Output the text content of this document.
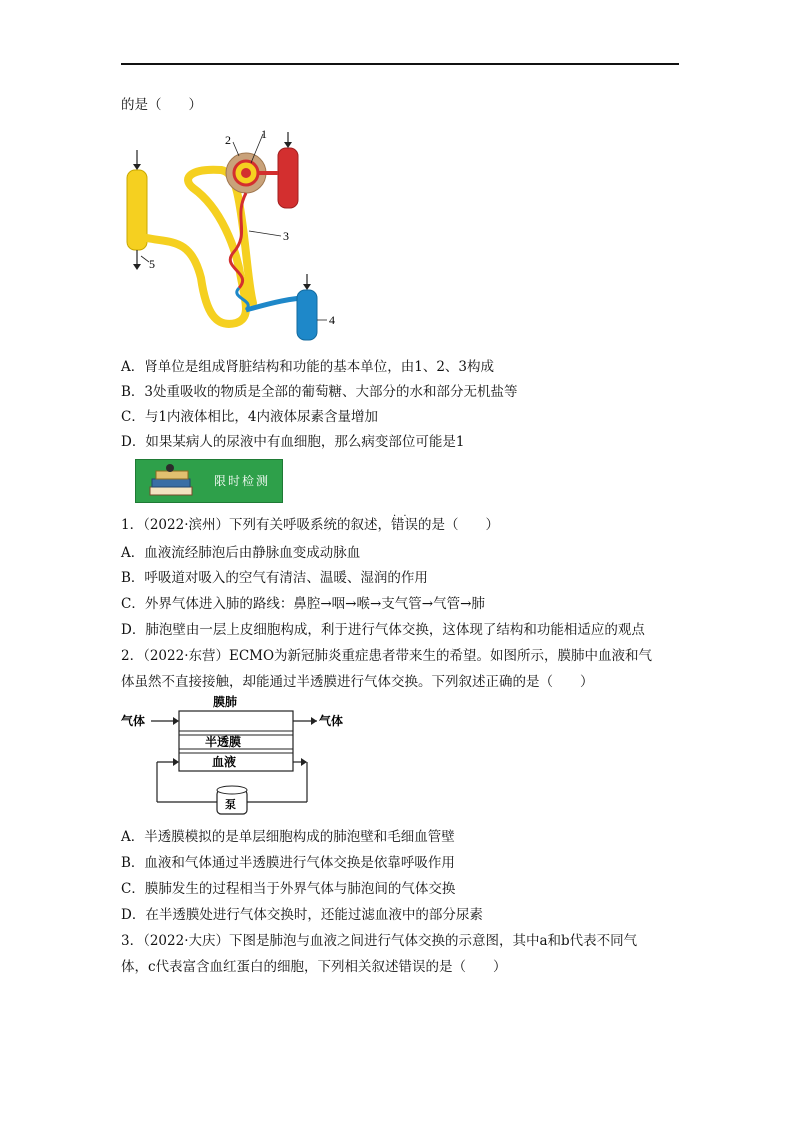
的是（　　）
1
2
3
4
5
A．肾单位是组成肾脏结构和功能的基本单位，由1、2、3构成
B．3处重吸收的物质是全部的葡萄糖、大部分的水和部分无机盐等
C．与1内液体相比，4内液体尿素含量增加
D．如果某病人的尿液中有血细胞，那么病变部位可能是1
限时检测
1．（2022·滨州）下列有关呼吸系统的叙述，· · 错误的是（　　）
A．血液流经肺泡后由静脉血变成动脉血
B．呼吸道对吸入的空气有清洁、温暖、湿润的作用
C．外界气体进入肺的路线：鼻腔→咽→喉→支气管→气管→肺
D．肺泡壁由一层上皮细胞构成，利于进行气体交换，这体现了结构和功能相适应的观点
2．（2022·东营）ECMO为新冠肺炎重症患者带来生的希望。如图所示，膜肺中血液和气
体虽然不直接接触，却能通过半透膜进行气体交换。下列叙述正确的是（　　）
膜肺
气体	气体
半透膜
血液
泵
A．半透膜模拟的是单层细胞构成的肺泡壁和毛细血管壁
B．血液和气体通过半透膜进行气体交换是依靠呼吸作用
C．膜肺发生的过程相当于外界气体与肺泡间的气体交换
D．在半透膜处进行气体交换时，还能过滤血液中的部分尿素
3．（2022·大庆）下图是肺泡与血液之间进行气体交换的示意图，其中a和b代表不同气
体，c代表富含血红蛋白的细胞，下列相关叙述错误的是（　　）
